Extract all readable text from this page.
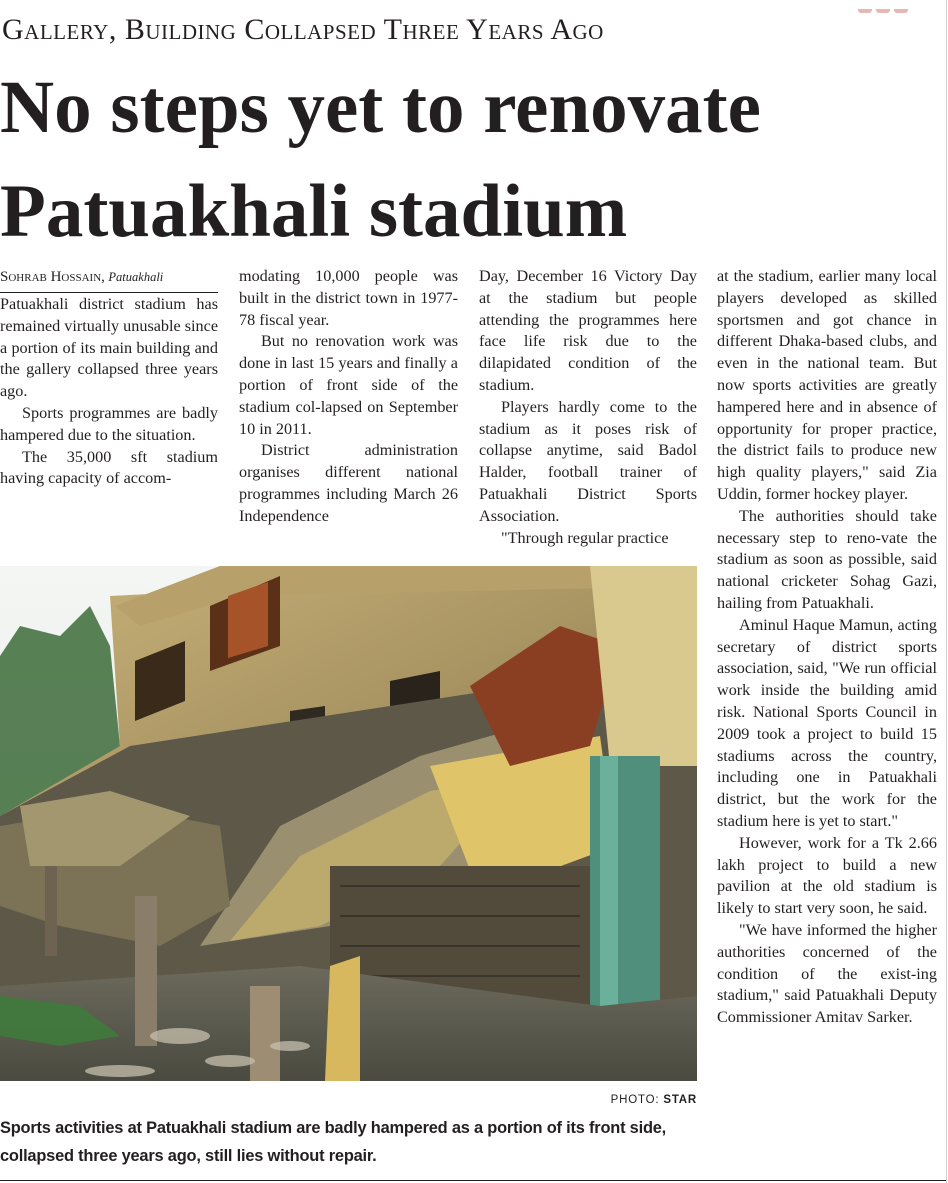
Gallery, Building Collapsed Three Years Ago
No steps yet to renovate
Patuakhali stadium
Sohrab Hossain, Patuakhali

Patuakhali district stadium has remained virtually unusable since a portion of its main building and the gallery collapsed three years ago.

Sports programmes are badly hampered due to the situation.

The 35,000 sft stadium having capacity of accom-

modating 10,000 people was built in the district town in 1977-78 fiscal year.

But no renovation work was done in last 15 years and finally a portion of front side of the stadium col-lapsed on September 10 in 2011.

District administration organises different national programmes including March 26 Independence

Day, December 16 Victory Day at the stadium but people attending the programmes here face life risk due to the dilapidated condition of the stadium.

Players hardly come to the stadium as it poses risk of collapse anytime, said Badol Halder, football trainer of Patuakhali District Sports Association.

"Through regular practice

at the stadium, earlier many local players developed as skilled sportsmen and got chance in different Dhaka-based clubs, and even in the national team. But now sports activities are greatly hampered here and in absence of opportunity for proper practice, the district fails to produce new high quality players," said Zia Uddin, former hockey player.

The authorities should take necessary step to reno-vate the stadium as soon as possible, said national cricketer Sohag Gazi, hailing from Patuakhali.

Aminul Haque Mamun, acting secretary of district sports association, said, "We run official work inside the building amid risk. National Sports Council in 2009 took a project to build 15 stadiums across the country, including one in Patuakhali district, but the work for the stadium here is yet to start."

However, work for a Tk 2.66 lakh project to build a new pavilion at the old stadium is likely to start very soon, he said.

"We have informed the higher authorities concerned of the condition of the exist-ing stadium," said Patuakhali Deputy Commissioner Amitav Sarker.

PHOTO: STAR

Sports activities at Patuakhali stadium are badly hampered as a portion of its front side, collapsed three years ago, still lies without repair.
